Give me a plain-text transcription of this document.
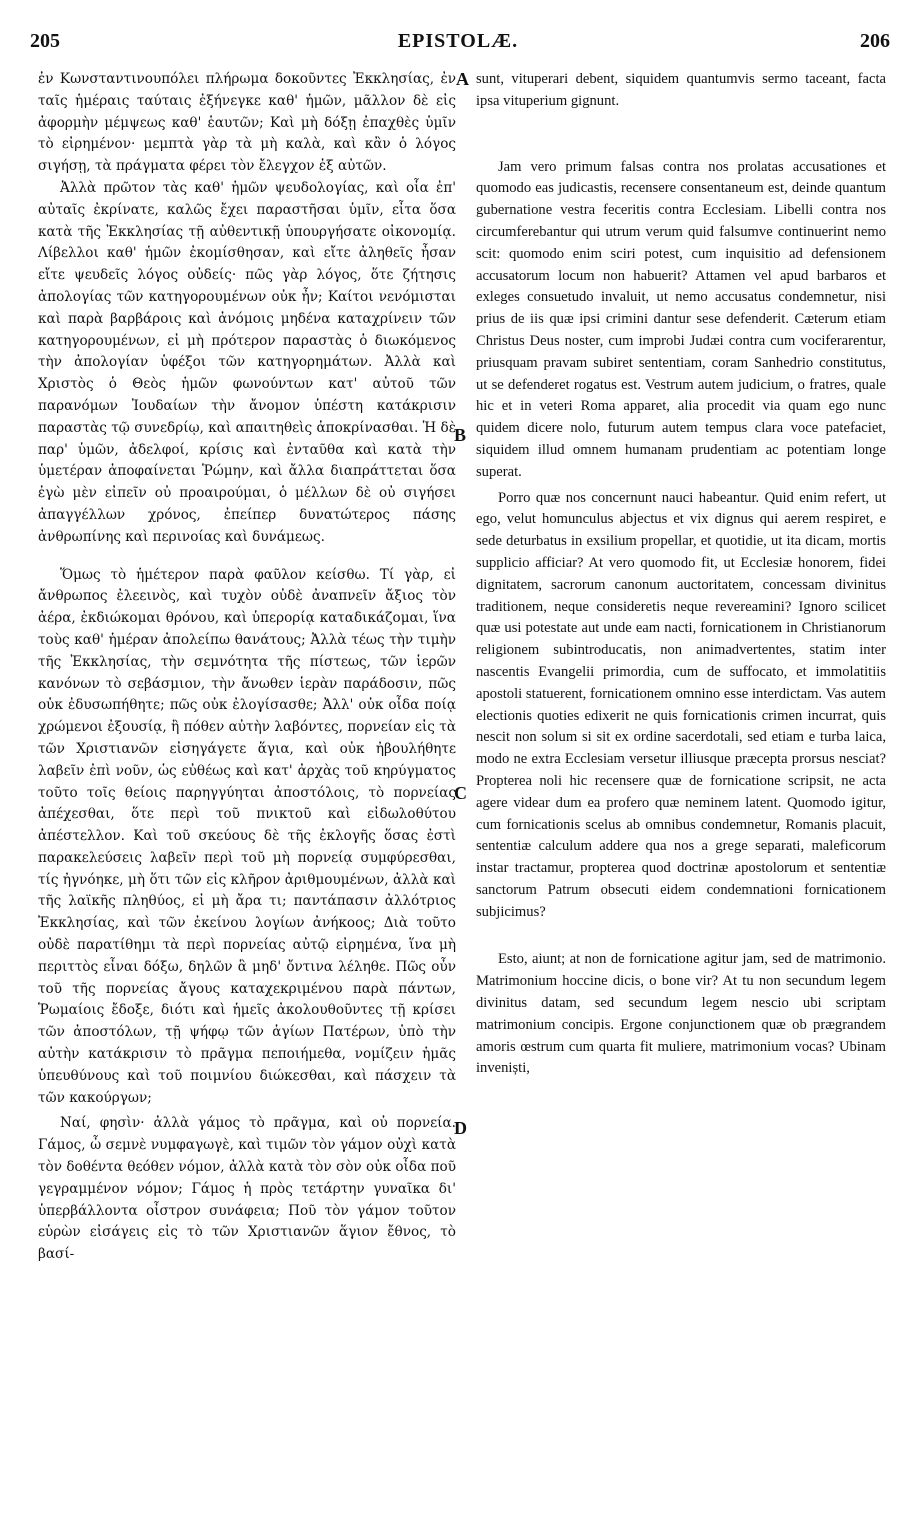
205	EPISTOLÆ.	206

ἐν Κωνσταντινουπόλει πλήρωμα δοκοῦντες Ἐκκλησίας, ἐν ταῖς ἡμέραις ταύταις ἐξήνεγκε καθ' ἡμῶν, μᾶλλον δὲ εἰς ἀφορμὴν μέμψεως καθ' ἑαυτῶν; Καὶ μὴ δόξῃ ἐπαχθὲς ὑμῖν τὸ εἰρημένον· μεμπτὰ γὰρ τὰ μὴ καλὰ, καὶ κἂν ὁ λόγος σιγήσῃ, τὰ πράγματα φέρει τὸν ἔλεγχον ἐξ αὐτῶν.

Ἀλλὰ πρῶτον τὰς καθ' ἡμῶν ψευδολογίας, καὶ οἷα ἐπ' αὐταῖς ἐκρίνατε, καλῶς ἔχει παραστῆσαι ὑμῖν, εἶτα ὅσα κατὰ τῆς Ἐκκλησίας τῇ αὐθεντικῇ ὑπουργήσατε οἰκονομίᾳ. Λίβελλοι καθ' ἡμῶν ἐκομίσθησαν, καὶ εἴτε ἀληθεῖς ἦσαν εἴτε ψευδεῖς λόγος οὐδείς· πῶς γὰρ λόγος, ὅτε ζήτησις ἀπολογίας τῶν κατηγορουμένων οὐκ ἦν; Καίτοι νενόμισται καὶ παρὰ βαρβάροις καὶ ἀνόμοις μηδένα καταχρίνειν τῶν κατηγορουμένων, εἰ μὴ πρότερον παραστὰς ὁ διωκόμενος τὴν ἀπολογίαν ὑφέξοι τῶν κατηγορημάτων. Ἀλλὰ καὶ Χριστὸς ὁ Θεὸς ἡμῶν φωνούντων κατ' αὐτοῦ τῶν παρανόμων Ἰουδαίων τὴν ἄνομον ὑπέστη κατάκρισιν παραστὰς τῷ συνεδρίῳ, καὶ απαιτηθεὶς ἀποκρίνασθαι. Ἡ δὲ παρ' ὑμῶν, ἀδελφοί, κρίσις καὶ ἐνταῦθα καὶ κατὰ τὴν ὑμετέραν ἀποφαίνεται Ῥώμην, καὶ ἄλλα διαπράττεται ὅσα ἐγὼ μὲν εἰπεῖν οὐ προαιρούμαι, ὁ μέλλων δὲ οὐ σιγήσει ἀπαγγέλλων χρόνος, ἐπείπερ δυνατώτερος πάσης ἀνθρωπίνης καὶ περινοίας καὶ δυνάμεως.

Ὅμως τὸ ἡμέτερον παρὰ φαῦλον κείσθω. Τί γὰρ, εἰ ἄνθρωπος ἐλεεινὸς, καὶ τυχὸν οὐδὲ ἀναπνεῖν ἄξιος τὸν ἀέρα, ἐκδιώκομαι θρόνου, καὶ ὑπερορίᾳ καταδικάζομαι, ἵνα τοὺς καθ' ἡμέραν ἀπολείπω θανάτους; Ἀλλὰ τέως τὴν τιμὴν τῆς Ἐκκλησίας, τὴν σεμνότητα τῆς πίστεως, τῶν ἱερῶν κανόνων τὸ σεβάσμιον, τὴν ἄνωθεν ἱερὰν παράδοσιν, πῶς οὐκ ἐδυσωπήθητε; πῶς οὐκ ἐλογίσασθε; Ἀλλ' οὐκ οἶδα ποίᾳ χρώμενοι ἐξουσίᾳ, ἢ πόθεν αὐτὴν λαβόντες, πορνείαν εἰς τὰ τῶν Χριστιανῶν εἰσηγάγετε ἅγια, καὶ οὐκ ἠβουλήθητε λαβεῖν ἐπὶ νοῦν, ὡς εὐθέως καὶ κατ' ἀρχὰς τοῦ κηρύγματος τοῦτο τοῖς θείοις παρηγγύηται ἀποστόλοις, τὸ πορνείας ἀπέχεσθαι, ὅτε περὶ τοῦ πνικτοῦ καὶ εἰδωλοθύτου ἀπέστελλον. Καὶ τοῦ σκεύους δὲ τῆς ἐκλογῆς ὅσας ἐστὶ παρακελεύσεις λαβεῖν περὶ τοῦ μὴ πορνείᾳ συμφύρεσθαι, τίς ἠγνόηκε, μὴ ὅτι τῶν εἰς κλῆρον ἀριθμουμένων, ἀλλὰ καὶ τῆς λαϊκῆς πληθύος, εἰ μὴ ἄρα τι; παντάπασιν ἀλλότριος Ἐκκλησίας, καὶ τῶν ἐκείνου λογίων ἀνήκοος; Διὰ τοῦτο οὐδὲ παρατίθημι τὰ περὶ πορνείας αὐτῷ εἰρημένα, ἵνα μὴ περιττὸς εἶναι δόξω, δηλῶν ἃ μηδ' ὄντινα λέληθε. Πῶς οὖν τοῦ τῆς πορνείας ἄγους καταχεκριμένου παρὰ πάντων, Ῥωμαίοις ἔδοξε, διότι καὶ ἡμεῖς ἀκολουθοῦντες τῇ κρίσει τῶν ἀποστόλων, τῇ ψήφῳ τῶν ἁγίων Πατέρων, ὑπὸ τὴν αὐτὴν κατάκρισιν τὸ πρᾶγμα πεποιήμεθα, νομίζειν ἡμᾶς ὑπευθύνους καὶ τοῦ ποιμνίου διώκεσθαι, καὶ πάσχειν τὰ τῶν κακούργων;

Ναί, φησὶν· ἀλλὰ γάμος τὸ πρᾶγμα, καὶ οὐ πορνεία. Γάμος, ὦ σεμνὲ νυμφαγωγὲ, καὶ τιμῶν τὸν γάμον οὐχὶ κατὰ τὸν δοθέντα θεόθεν νόμον, ἀλλὰ κατὰ τὸν σὸν οὐκ οἶδα ποῦ γεγραμμένον νόμον; Γάμος ἡ πρὸς τετάρτην γυναῖκα δι' ὑπερβάλλοντα οἶστρον συνάφεια; Ποῦ τὸν γάμον τοῦτον εὑρὼν εἰσάγεις εἰς τὸ τῶν Χριστιανῶν ἅγιον ἔθνος, τὸ βασί-

A
B
C
D

sunt, vituperari debent, siquidem quantumvis sermo taceant, facta ipsa vituperium gignunt.

Jam vero primum falsas contra nos prolatas accusationes et quomodo eas judicastis, recensere consentaneum est, deinde quantum gubernatione vestra feceritis contra Ecclesiam. Libelli contra nos circumferebantur qui utrum verum quid falsumve continuerint nemo scit: quomodo enim sciri potest, cum inquisitio ad defensionem accusatorum locum non habuerit? Attamen vel apud barbaros et exleges consuetudo invaluit, ut nemo accusatus condemnetur, nisi prius de iis quæ ipsi crimini dantur sese defenderit. Cæterum etiam Christus Deus noster, cum improbi Judæi contra cum vociferarentur, priusquam pravam subiret sententiam, coram Sanhedrio constitutus, ut se defenderet rogatus est. Vestrum autem judicium, o fratres, quale hic et in veteri Roma apparet, alia procedit via quam ego nunc quidem dicere nolo, futurum autem tempus clara voce patefaciet, siquidem illud omnem humanam prudentiam ac potentiam longe superat.

Porro quæ nos concernunt nauci habeantur. Quid enim refert, ut ego, velut homunculus abjectus et vix dignus qui aerem respiret, e sede deturbatus in exsilium propellar, et quotidie, ut ita dicam, mortis supplicio afficiar? At vero quomodo fit, ut Ecclesiæ honorem, fidei dignitatem, sacrorum canonum auctoritatem, concessam divinitus traditionem, neque consideretis neque revereamini? Ignoro scilicet quæ usi potestate aut unde eam nacti, fornicationem in Christianorum religionem subintroducatis, non animadvertentes, statim inter nascentis Evangelii primordia, cum de suffocato, et immolatitiis apostoli statuerent, fornicationem omnino esse interdictam. Vas autem electionis quoties edixerit ne quis fornicationis crimen incurrat, quis nescit non solum si sit ex ordine sacerdotali, sed etiam e turba laica, modo ne extra Ecclesiam versetur illiusque præcepta prorsus nesciat? Propterea noli hic recensere quæ de fornicatione scripsit, ne acta agere videar dum ea profero quæ neminem latent. Quomodo igitur, cum fornicationis scelus ab omnibus condemnetur, Romanis placuit, sententiæ calculum addere qua nos a grege separati, maleficorum instar tractamur, propterea quod doctrinæ apostolorum et sententiæ sanctorum Patrum obsecuti eidem condemnationi fornicationem subjicimus?

Esto, aiunt; at non de fornicatione agitur jam, sed de matrimonio. Matrimonium hoccine dicis, o bone vir? At tu non secundum legem divinitus datam, sed secundum legem nescio ubi scriptam matrimonium concipis. Ergone conjunctionem quæ ob prægrandem amoris œstrum cum quarta fit muliere, matrimonium vocas? Ubinam inveniști,
